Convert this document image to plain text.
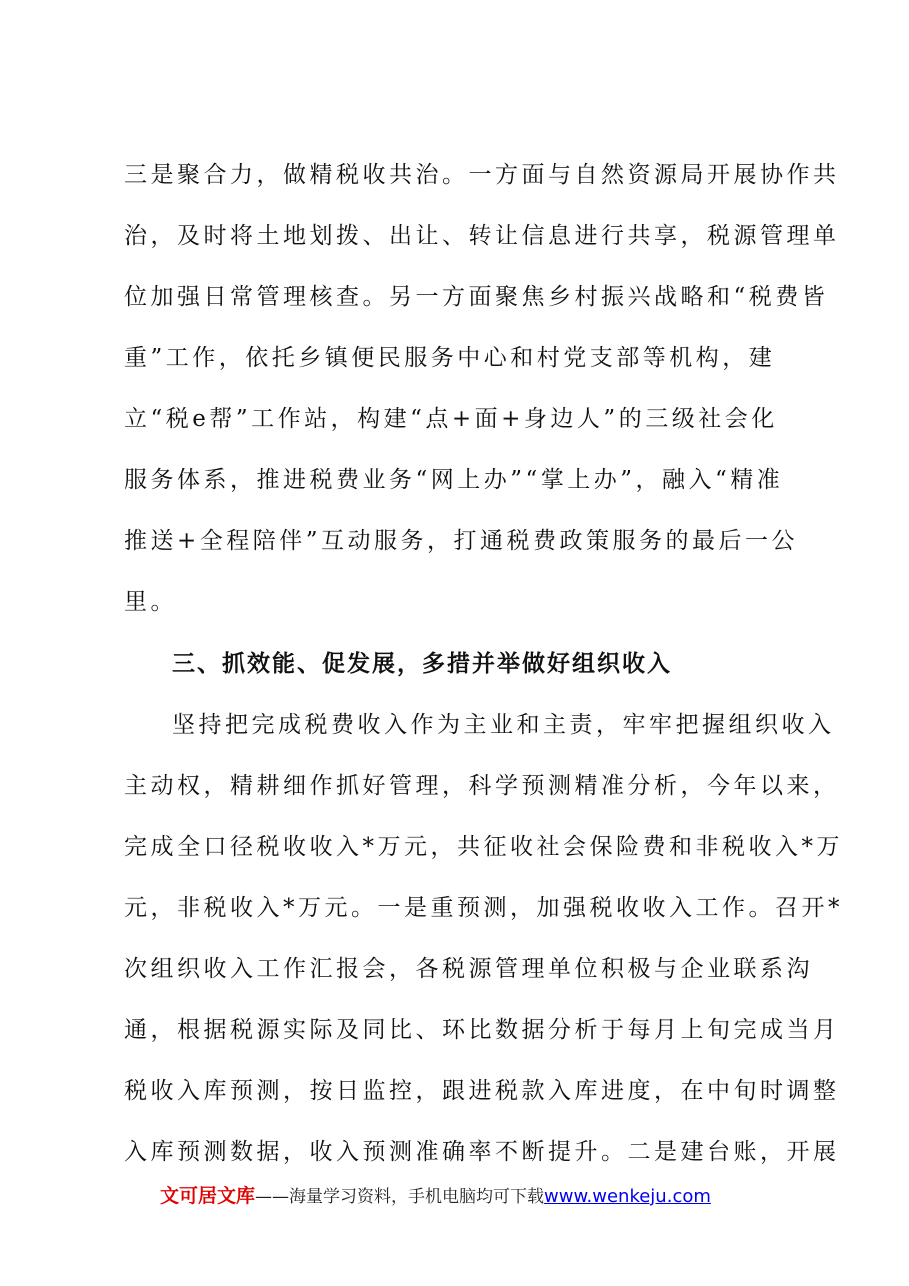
三是聚合力，做精税收共治。一方面与自然资源局开展协作共
治，及时将土地划拨、出让、转让信息进行共享，税源管理单
位加强日常管理核查。另一方面聚焦乡村振兴战略和“税费皆
重”工作，依托乡镇便民服务中心和村党支部等机构，建
立“税e帮”工作站，构建“点+面+身边人”的三级社会化
服务体系，推进税费业务“网上办”“掌上办”，融入“精准
推送+全程陪伴”互动服务，打通税费政策服务的最后一公
里。
三、抓效能、促发展，多措并举做好组织收入
坚持把完成税费收入作为主业和主责，牢牢把握组织收入
主动权，精耕细作抓好管理，科学预测精准分析，今年以来，
完成全口径税收收入*万元，共征收社会保险费和非税收入*万
元，非税收入*万元。一是重预测，加强税收收入工作。召开*
次组织收入工作汇报会，各税源管理单位积极与企业联系沟
通，根据税源实际及同比、环比数据分析于每月上旬完成当月
税收入库预测，按日监控，跟进税款入库进度，在中旬时调整
入库预测数据，收入预测准确率不断提升。二是建台账，开展
文可居文库——海量学习资料，手机电脑均可下载www.wenkeju.com
